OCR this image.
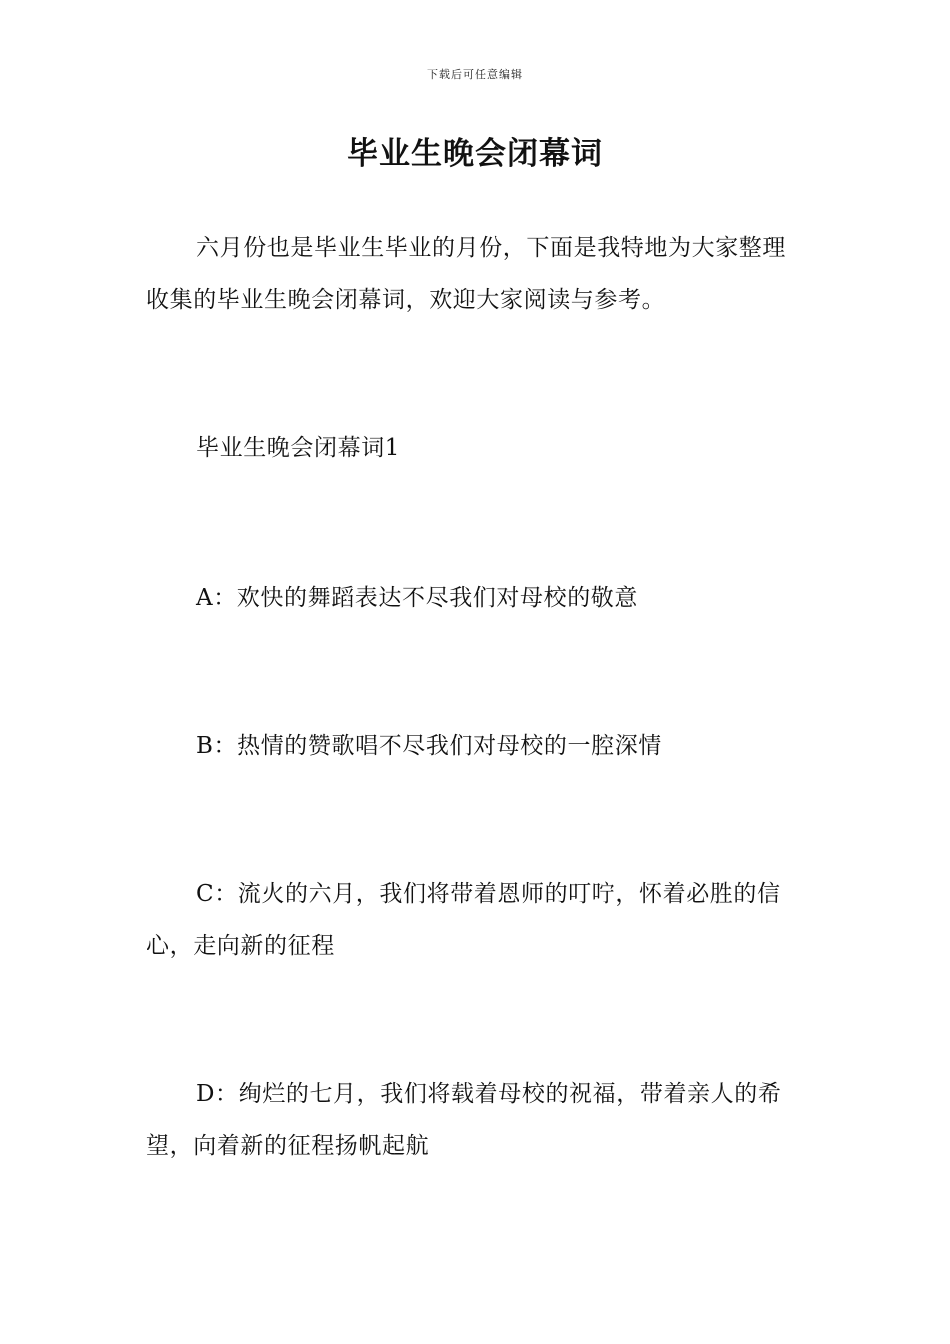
下载后可任意编辑
毕业生晚会闭幕词

六月份也是毕业生毕业的月份，下面是我特地为大家整理收集的毕业生晚会闭幕词，欢迎大家阅读与参考。

毕业生晚会闭幕词1

A：欢快的舞蹈表达不尽我们对母校的敬意

B：热情的赞歌唱不尽我们对母校的一腔深情

C：流火的六月，我们将带着恩师的叮咛，怀着必胜的信心，走向新的征程

D：绚烂的七月，我们将载着母校的祝福，带着亲人的希望，向着新的征程扬帆起航
